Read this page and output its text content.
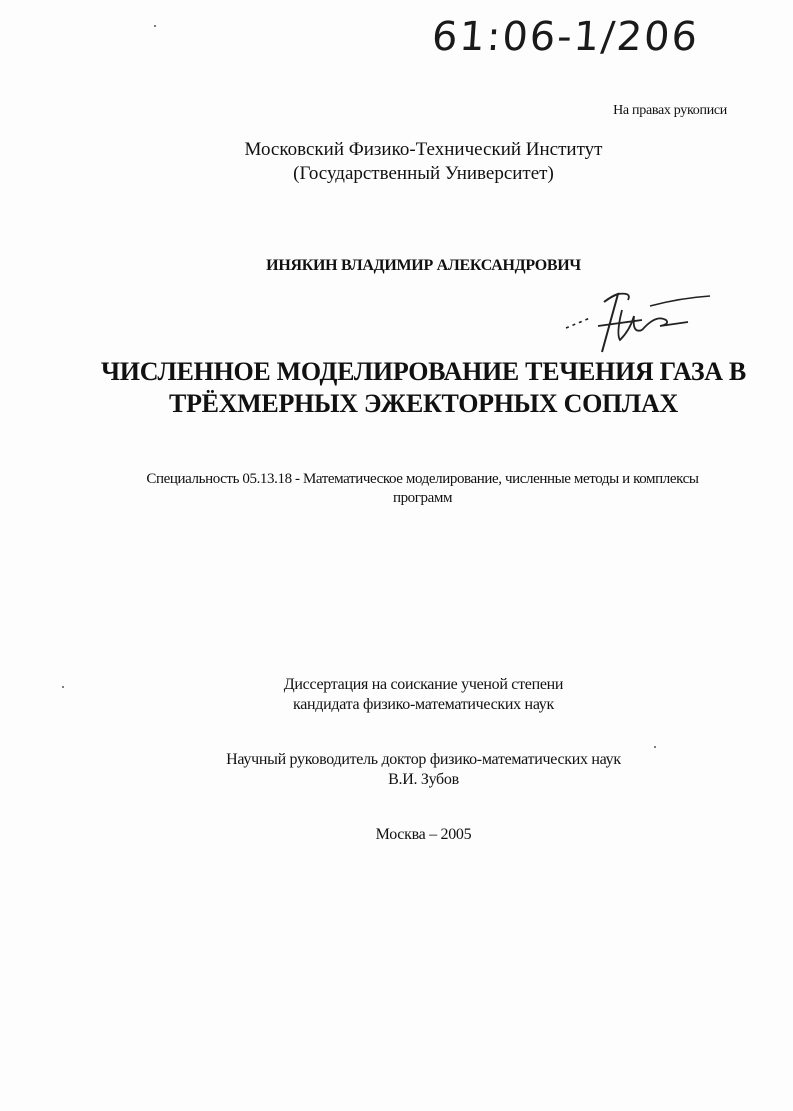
61:06-1/206
На правах рукописи
Московский Физико-Технический Институт
(Государственный Университет)
ИНЯКИН ВЛАДИМИР АЛЕКСАНДРОВИЧ
ЧИСЛЕННОЕ МОДЕЛИРОВАНИЕ ТЕЧЕНИЯ ГАЗА В
ТРЁХМЕРНЫХ ЭЖЕКТОРНЫХ СОПЛАХ
Специальность 05.13.18 - Математическое моделирование, численные методы и комплексы
программ
Диссертация на соискание ученой степени
кандидата физико-математических наук
Научный руководитель доктор физико-математических наук
В.И. Зубов
Москва – 2005
